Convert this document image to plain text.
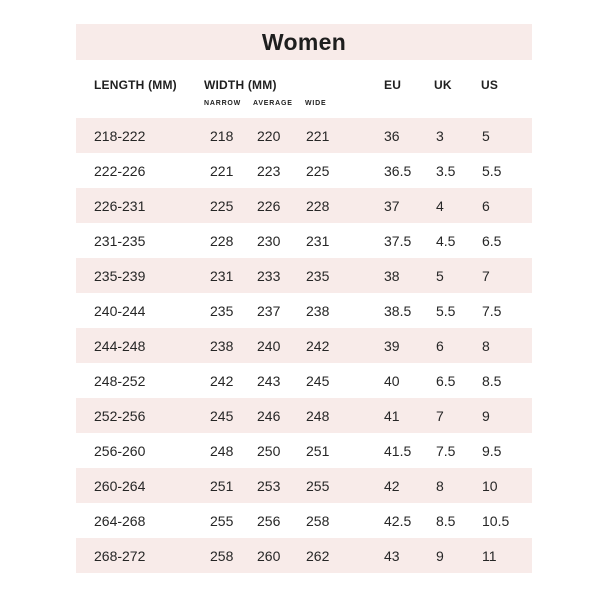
Women
LENGTH (MM) WIDTH (MM)
NARROW AVERAGE WIDE
EU	UK US
218-222	218 220 221	36	3	5
222-226	221 223 225	36.5 3.5 5.5
226-231	225 226 228	37	4	6
231-235	228 230 231	37.5 4.5 6.5
235-239	231 233 235	38	5	7
240-244	235 237 238	38.5 5.5 7.5
244-248	238 240 242	39	6	8
248-252	242 243 245	40	6.5 8.5
252-256	245 246 248	41	7	9
256-260	248 250 251	41.5 7.5 9.5
260-264	251 253 255	42	8	10
264-268	255 256 258	42.5 8.5 10.5
268-272	258 260 262	43	9	11
